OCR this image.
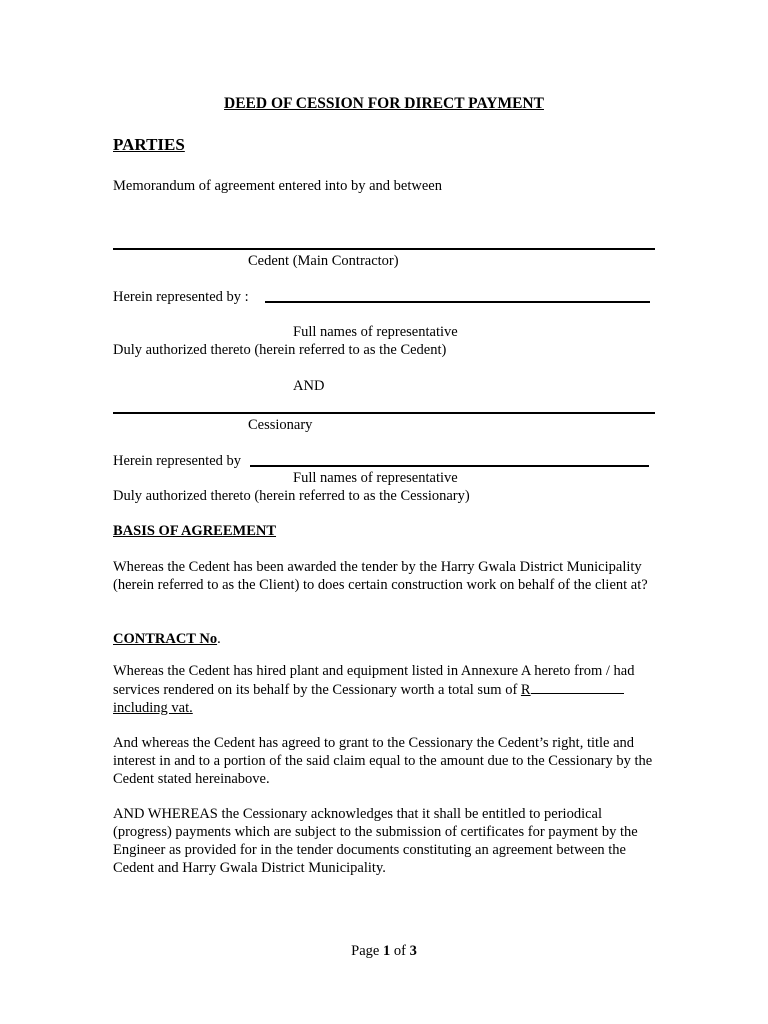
DEED OF CESSION FOR DIRECT PAYMENT
PARTIES
Memorandum of agreement entered into by and between
Cedent (Main Contractor)
Herein represented by :
Full names of representative
Duly authorized thereto (herein referred to as the Cedent)
AND
Cessionary
Herein represented by
Full names of representative
Duly authorized thereto (herein referred to as the Cessionary)
BASIS OF AGREEMENT
Whereas the Cedent has been awarded the tender by the Harry Gwala District Municipality (herein referred to as the Client) to does certain construction work on behalf of the client at?
CONTRACT No.
Whereas the Cedent has hired plant and equipment listed in Annexure A hereto from / had services rendered on its behalf by the Cessionary worth a total sum of R
including vat.
And whereas the Cedent has agreed to grant to the Cessionary the Cedent’s right, title and interest in and to a portion of the said claim equal to the amount due to the Cessionary by the Cedent stated hereinabove.
AND WHEREAS the Cessionary acknowledges that it shall be entitled to periodical (progress) payments which are subject to the submission of certificates for payment by the Engineer as provided for in the tender documents constituting an agreement between the Cedent and Harry Gwala District Municipality.
Page 1 of 3
